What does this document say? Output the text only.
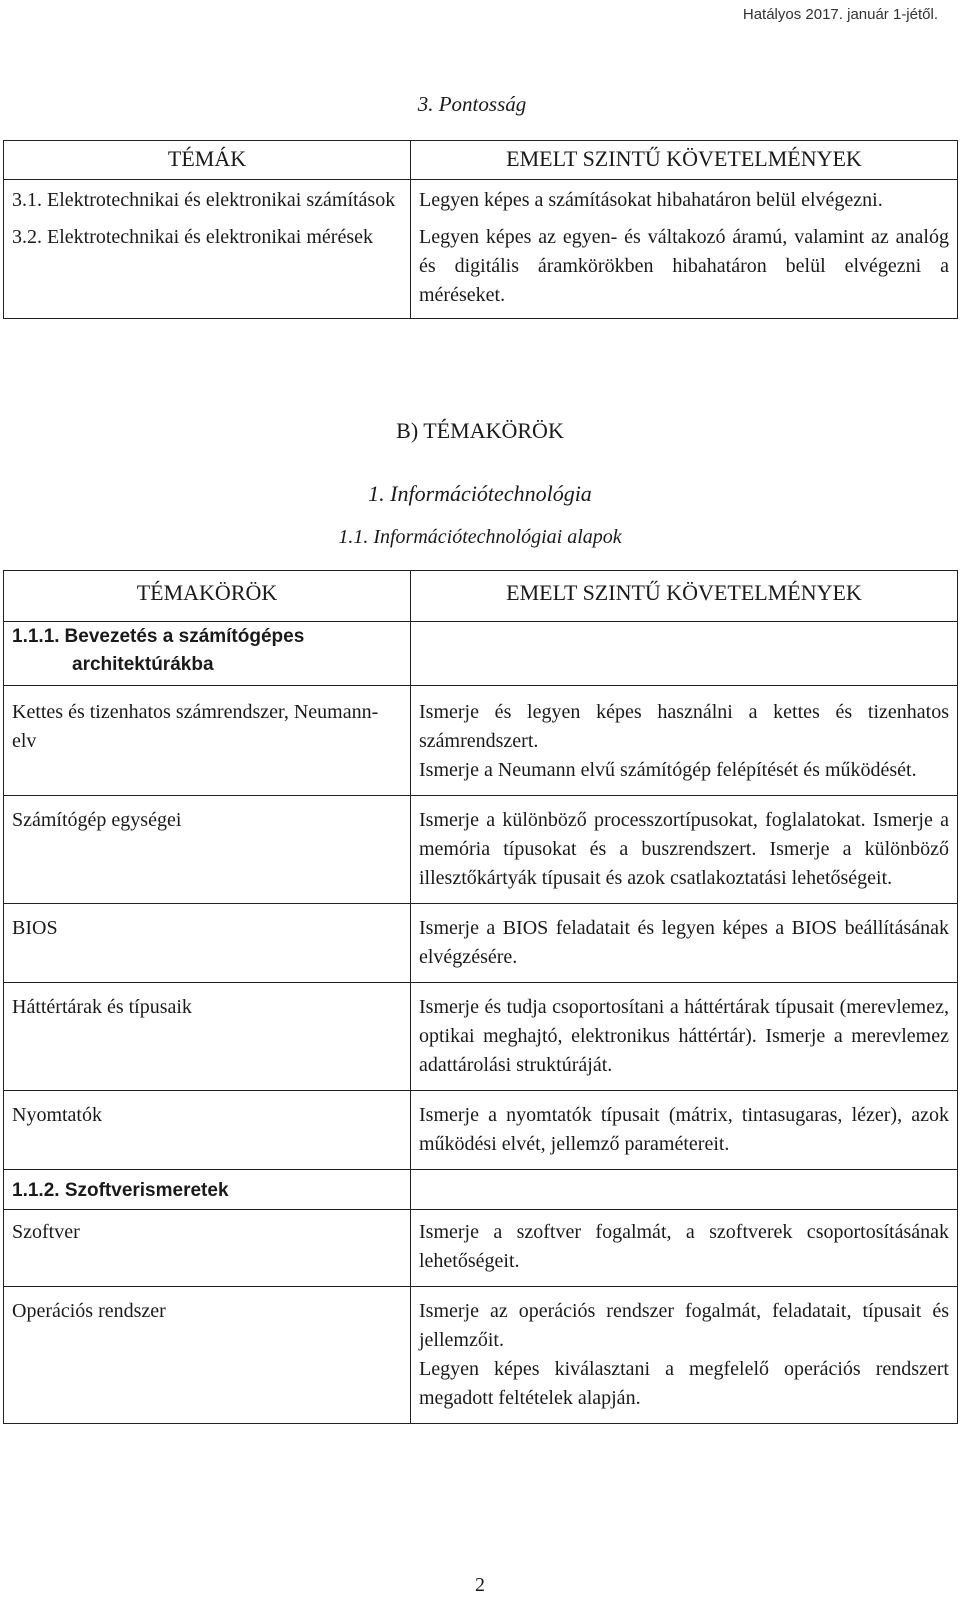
Hatályos 2017. január 1-jétől.
3. Pontosság
TÉMÁK	EMELT SZINTŰ KÖVETELMÉNYEK
3.1. Elektrotechnikai és elektronikai számítások	Legyen képes a számításokat hibahatáron belül elvégezni.
3.2. Elektrotechnikai és elektronikai mérések	Legyen képes az egyen- és váltakozó áramú, valamint az analóg és digitális áramkörökben hibahatáron belül elvégezni a méréseket.
B) TÉMAKÖRÖK
1. Információtechnológia
1.1. Információtechnológiai alapok
TÉMAKÖRÖK	EMELT SZINTŰ KÖVETELMÉNYEK
1.1.1. Bevezetés a számítógépes
architektúrákba	

Kettes és tizenhatos számrendszer, Neumann-elv	Ismerje és legyen képes használni a kettes és tizenhatos számrendszert.
Ismerje a Neumann elvű számítógép felépítését és működését.

Számítógép egységei	Ismerje a különböző processzortípusokat, foglalatokat. Ismerje a memória típusokat és a buszrendszert. Ismerje a különböző illesztőkártyák típusait és azok csatlakoztatási lehetőségeit.
BIOS	Ismerje a BIOS feladatait és legyen képes a BIOS beállításának elvégzésére.
Háttértárak és típusaik	Ismerje és tudja csoportosítani a háttértárak típusait (merevlemez, optikai meghajtó, elektronikus háttértár). Ismerje a merevlemez adattárolási struktúráját.
Nyomtatók	Ismerje a nyomtatók típusait (mátrix, tintasugaras, lézer), azok működési elvét, jellemző paramétereit.
1.1.2. Szoftverismeretek	
Szoftver	Ismerje a szoftver fogalmát, a szoftverek csoportosításának lehetőségeit.
Operációs rendszer	Ismerje az operációs rendszer fogalmát, feladatait, típusait és jellemzőit.
Legyen képes kiválasztani a megfelelő operációs rendszert megadott feltételek alapján.
2
